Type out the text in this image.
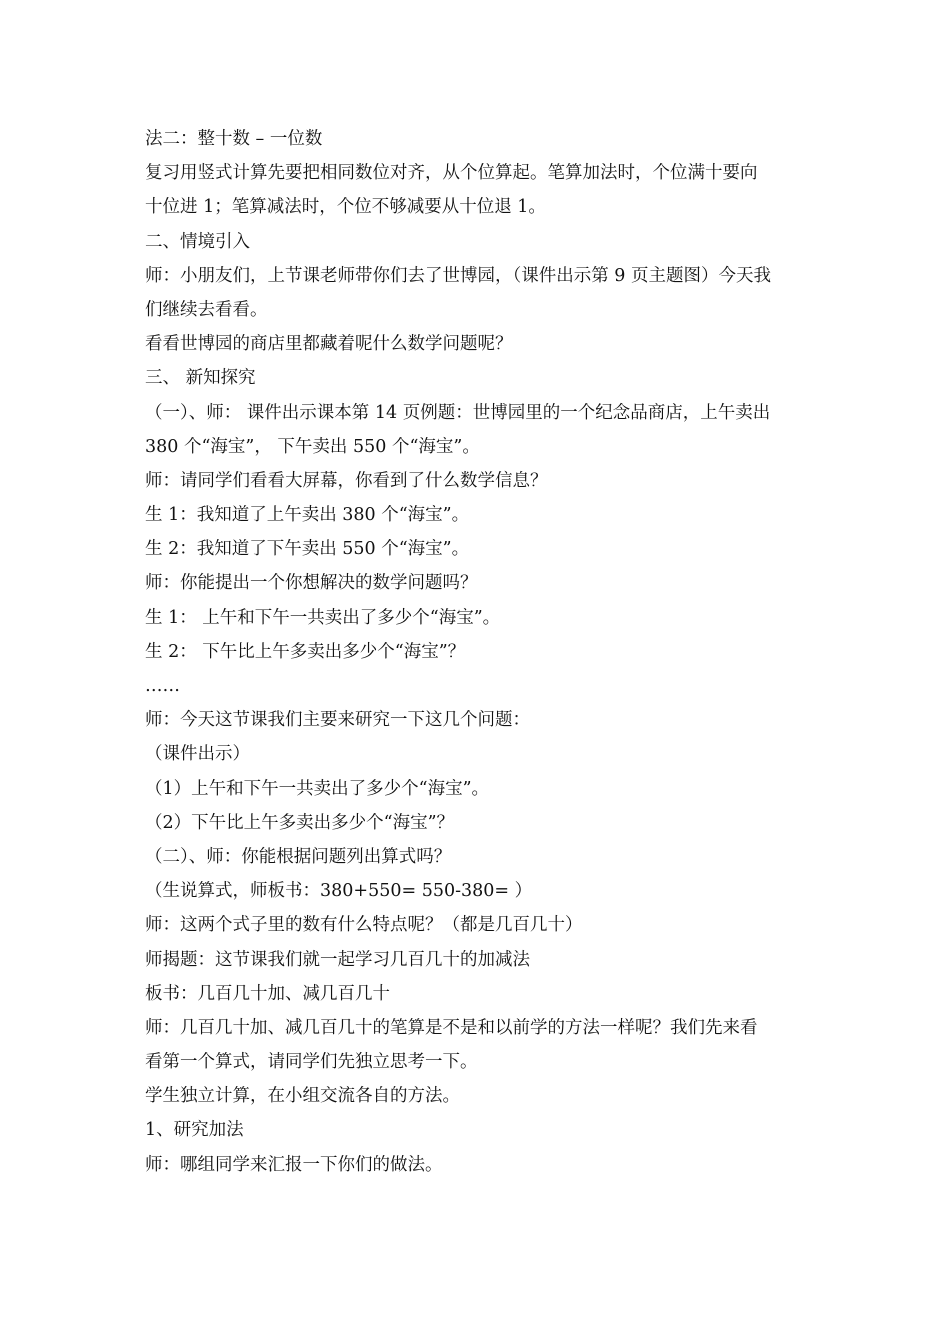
法二：整十数 – 一位数
复习用竖式计算先要把相同数位对齐，从个位算起。笔算加法时，个位满十要向
十位进 1；笔算减法时，个位不够减要从十位退 1。
二、情境引入
师：小朋友们，上节课老师带你们去了世博园，（课件出示第 9 页主题图）今天我
们继续去看看。
看看世博园的商店里都藏着呢什么数学问题呢？
三、 新知探究
（一）、师： 课件出示课本第 14 页例题：世博园里的一个纪念品商店，上午卖出
380 个“海宝”， 下午卖出 550 个“海宝”。
师：请同学们看看大屏幕，你看到了什么数学信息？
生 1：我知道了上午卖出 380 个“海宝”。
生 2：我知道了下午卖出 550 个“海宝”。
师：你能提出一个你想解决的数学问题吗？
生 1： 上午和下午一共卖出了多少个“海宝”。
生 2： 下午比上午多卖出多少个“海宝”？
……
师：今天这节课我们主要来研究一下这几个问题：
（课件出示）
（1）上午和下午一共卖出了多少个“海宝”。
（2）下午比上午多卖出多少个“海宝”？
（二）、师：你能根据问题列出算式吗？
（生说算式，师板书：380+550= 550-380= ）
师：这两个式子里的数有什么特点呢？（都是几百几十）
师揭题：这节课我们就一起学习几百几十的加减法
板书：几百几十加、减几百几十
师：几百几十加、减几百几十的笔算是不是和以前学的方法一样呢？我们先来看
看第一个算式，请同学们先独立思考一下。
学生独立计算，在小组交流各自的方法。
1、研究加法
师：哪组同学来汇报一下你们的做法。
